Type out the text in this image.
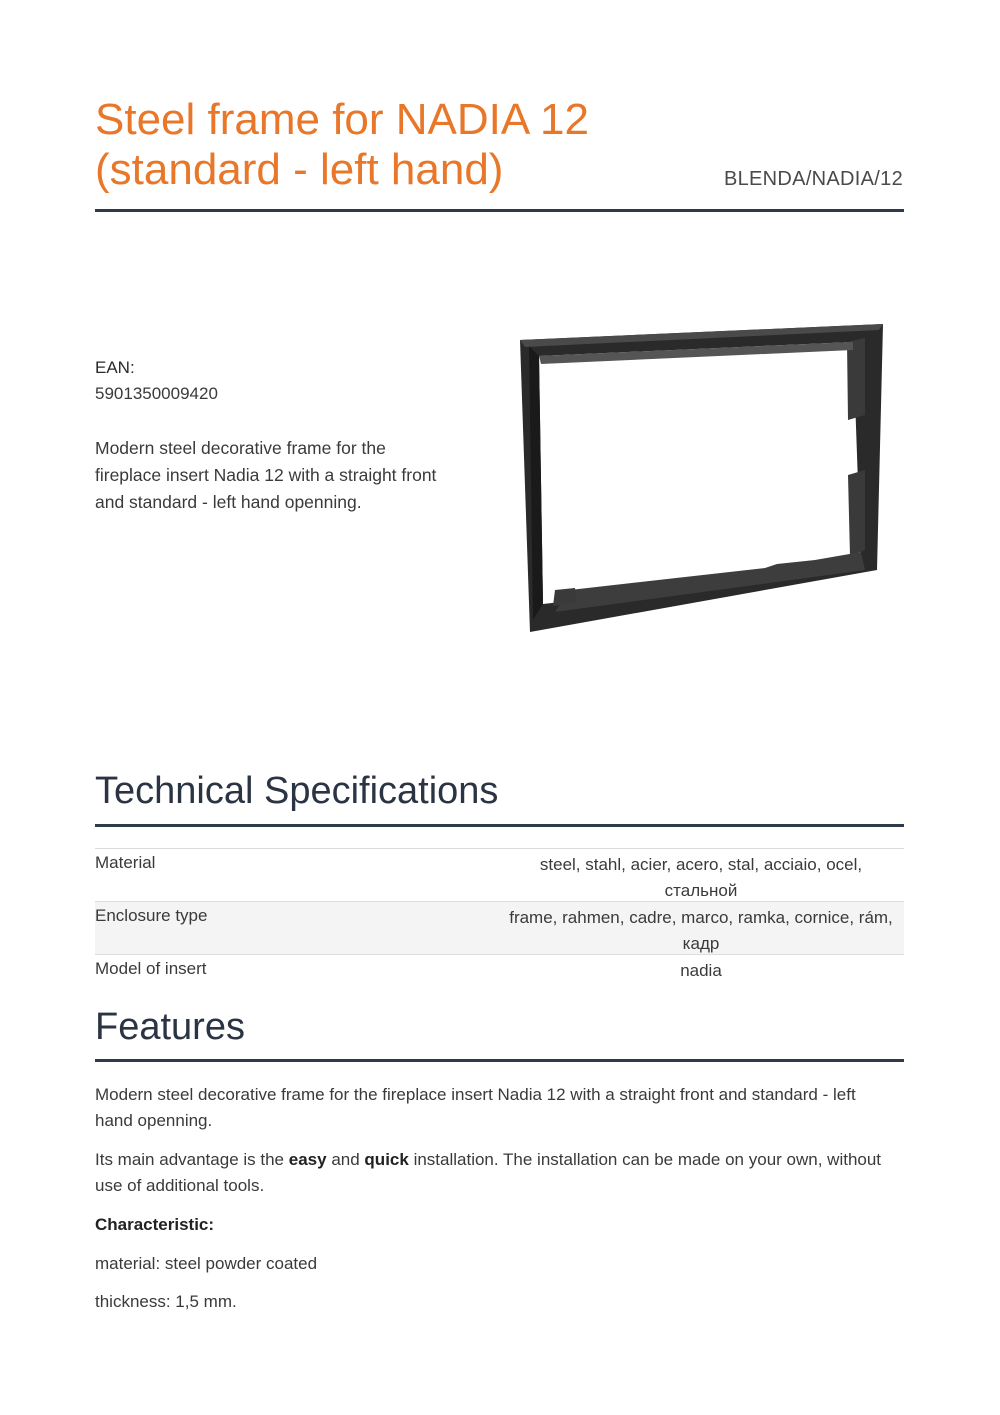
Steel frame for NADIA 12
(standard - left hand)	BLENDA/NADIA/12
EAN:
5901350009420
Modern steel decorative frame for the fireplace insert Nadia 12 with a straight front and standard - left hand openning.
Technical Specifications
Material	steel, stahl, acier, acero, stal, acciaio, ocel,
стальной
Enclosure type	frame, rahmen, cadre, marco, ramka, cornice, rám,
кадр
Model of insert	nadia
Features

Modern steel decorative frame for the fireplace insert Nadia 12 with a straight front and standard - left hand openning.

Its main advantage is the easy and quick installation. The installation can be made on your own, without use of additional tools.

Characteristic:

material: steel powder coated

thickness: 1,5 mm.
